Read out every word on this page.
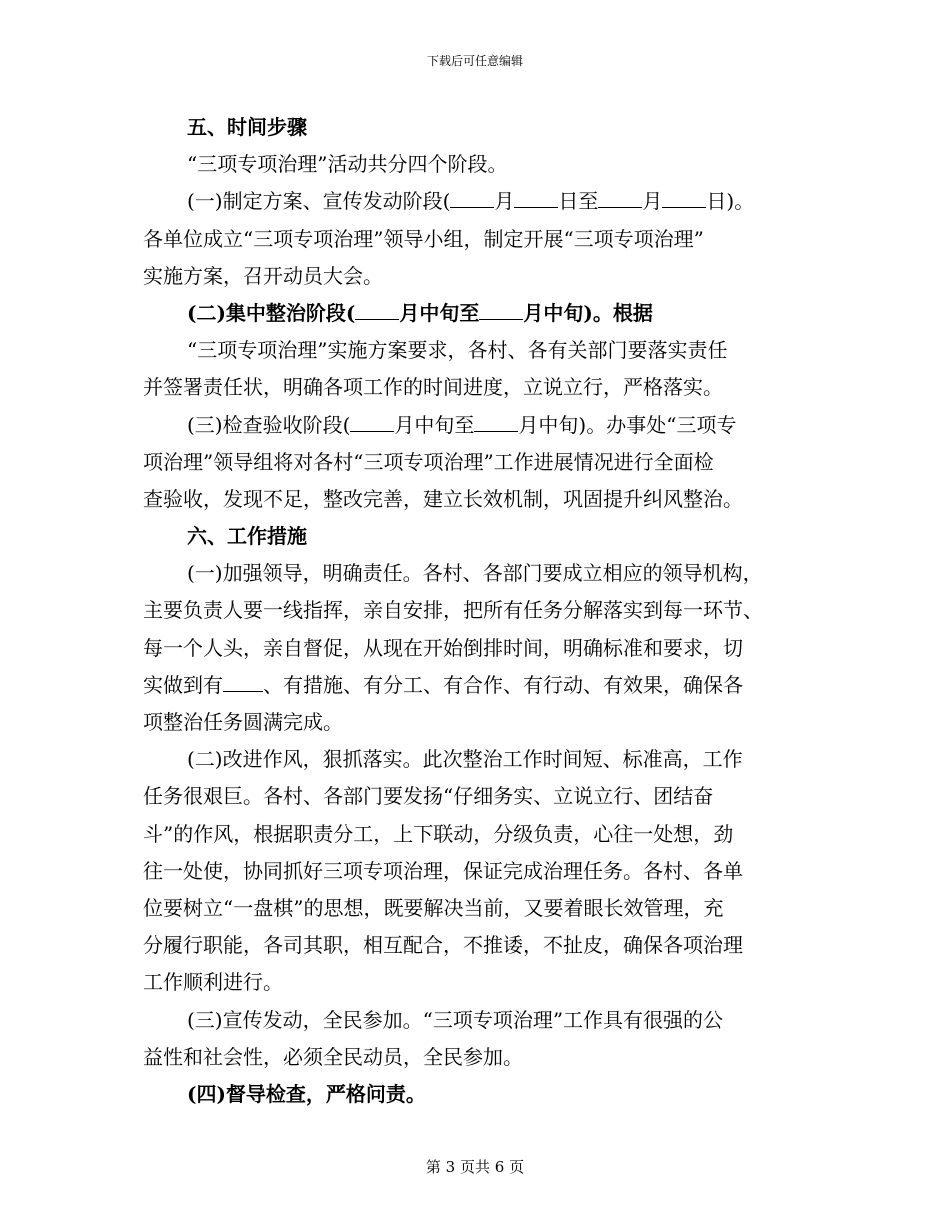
下载后可任意编辑
五、时间步骤
“三项专项治理”活动共分四个阶段。
(一)制定方案、宣传发动阶段( 月 日至 月 日)。
各单位成立“三项专项治理”领导小组，制定开展“三项专项治理”
实施方案，召开动员大会。
(二)集中整治阶段( 月中旬至 月中旬)。根据
“三项专项治理”实施方案要求，各村、各有关部门要落实责任
并签署责任状，明确各项工作的时间进度，立说立行，严格落实。
(三)检查验收阶段( 月中旬至 月中旬)。办事处“三项专
项治理”领导组将对各村“三项专项治理”工作进展情况进行全面检
查验收，发现不足，整改完善，建立长效机制，巩固提升纠风整治。
六、工作措施
(一)加强领导，明确责任。各村、各部门要成立相应的领导机构，
主要负责人要一线指挥，亲自安排，把所有任务分解落实到每一环节、
每一个人头，亲自督促，从现在开始倒排时间，明确标准和要求，切
实做到有 、有措施、有分工、有合作、有行动、有效果，确保各
项整治任务圆满完成。
(二)改进作风，狠抓落实。此次整治工作时间短、标准高，工作
任务很艰巨。各村、各部门要发扬“仔细务实、立说立行、团结奋
斗”的作风，根据职责分工，上下联动，分级负责，心往一处想，劲
往一处使，协同抓好三项专项治理，保证完成治理任务。各村、各单
位要树立“一盘棋”的思想，既要解决当前，又要着眼长效管理，充
分履行职能，各司其职，相互配合，不推诿，不扯皮，确保各项治理
工作顺利进行。
(三)宣传发动，全民参加。“三项专项治理”工作具有很强的公
益性和社会性，必须全民动员，全民参加。
(四)督导检查，严格问责。
第 3 页共 6 页
